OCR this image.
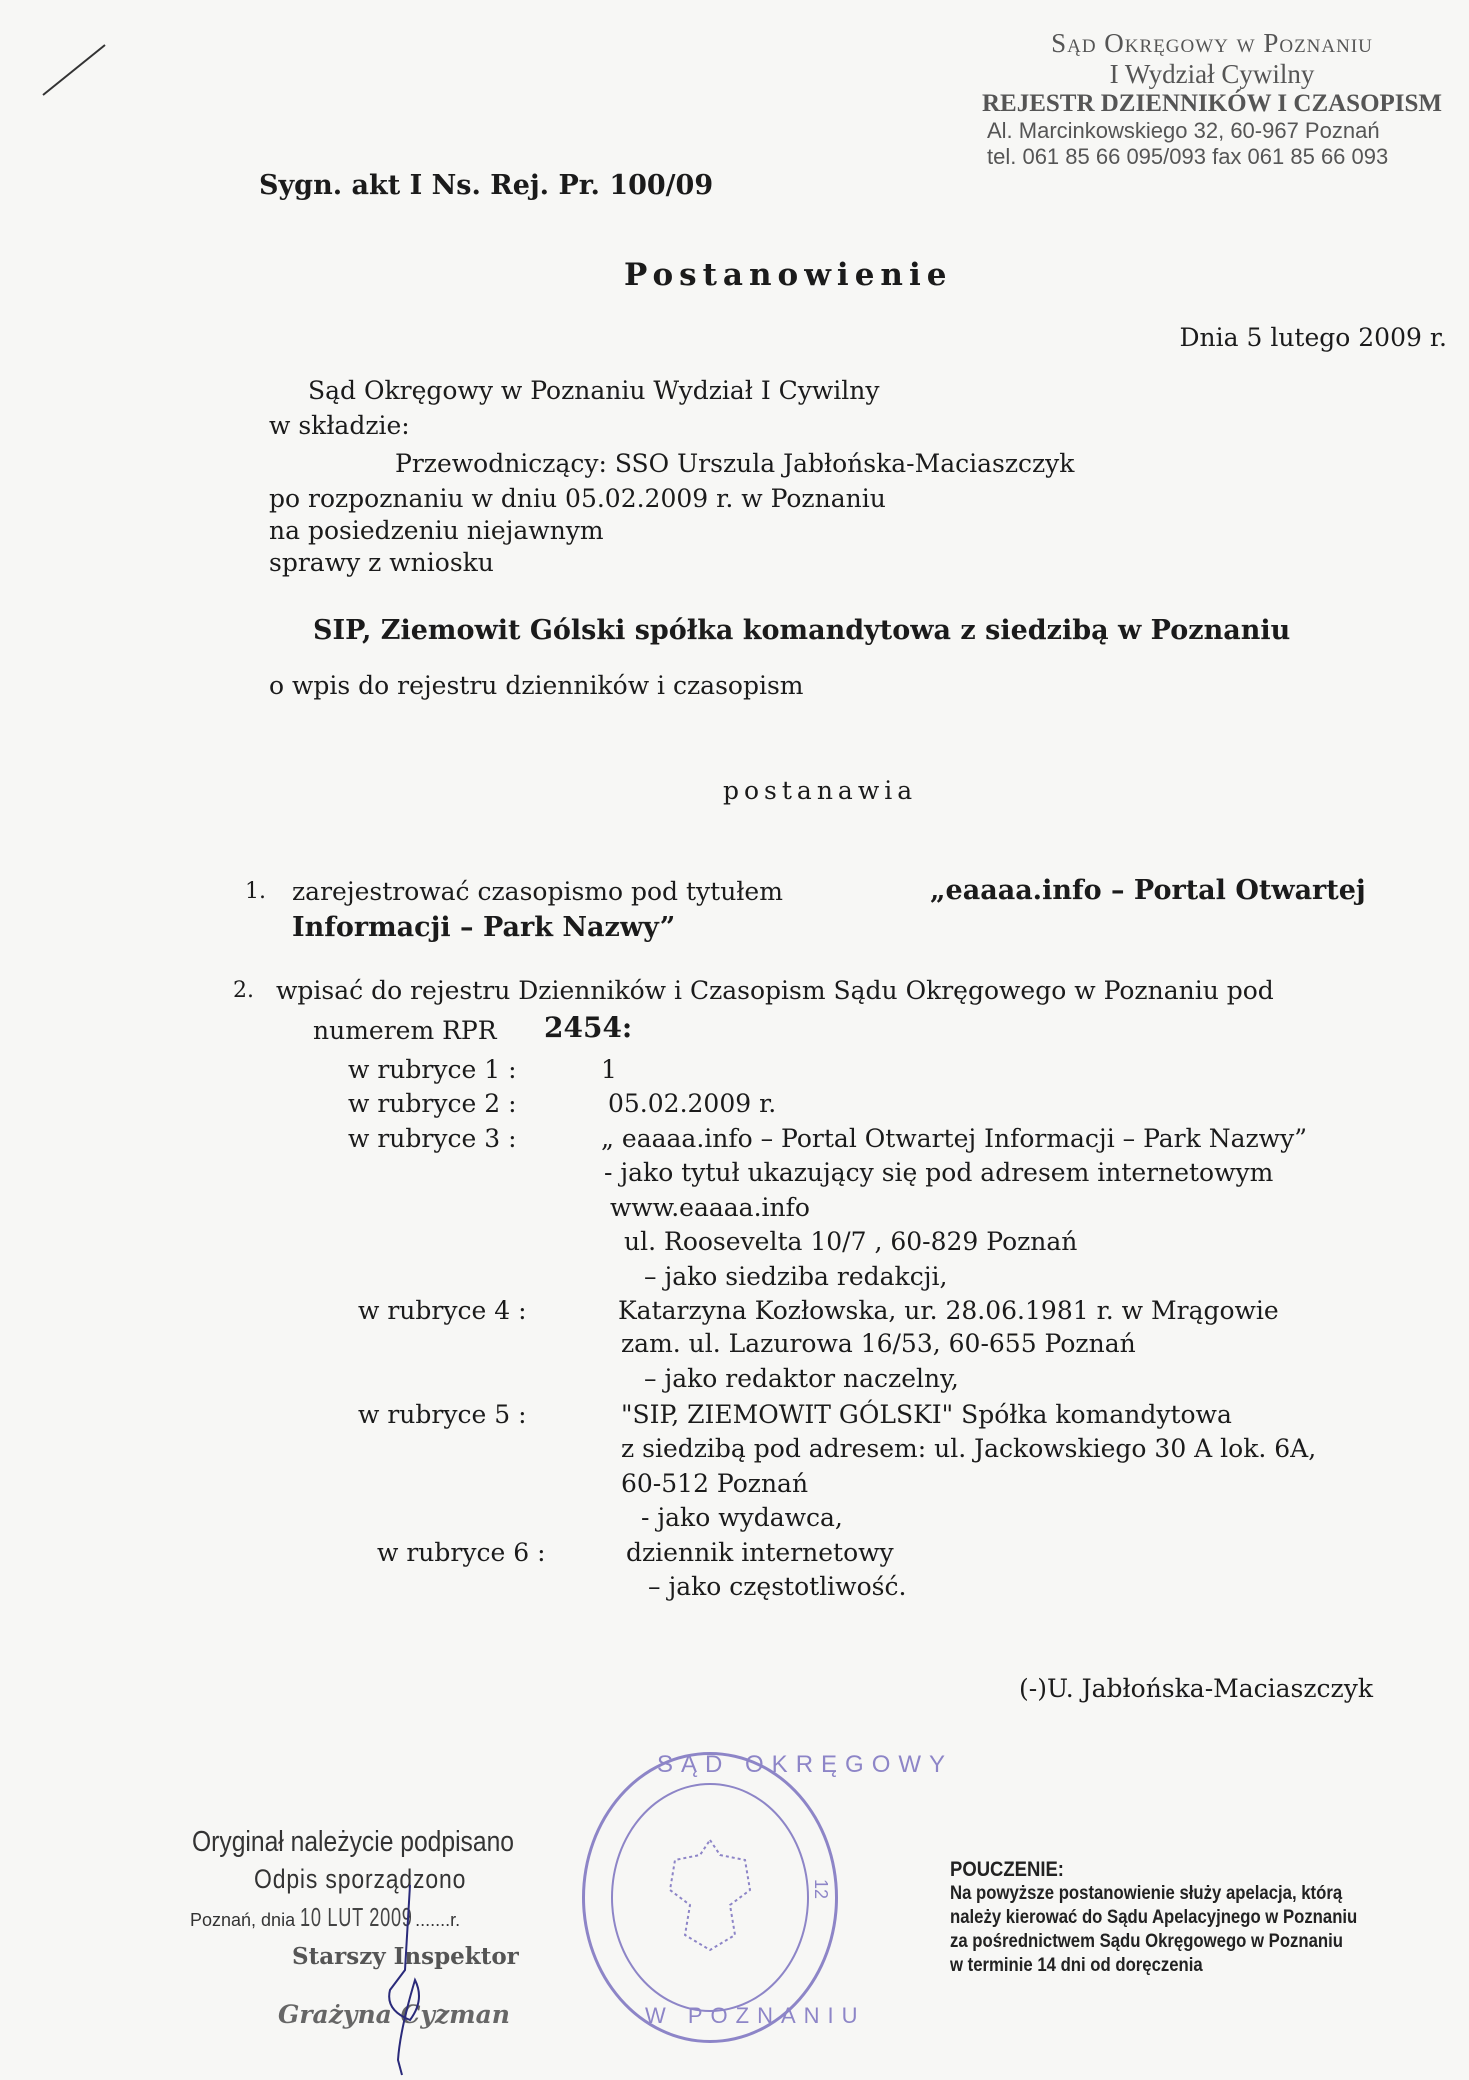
Sąd Okręgowy w Poznaniu
I Wydział Cywilny
REJESTR DZIENNIKÓW I CZASOPISM
Al. Marcinkowskiego 32, 60-967 Poznań
tel. 061 85 66 095/093 fax 061 85 66 093
Sygn. akt I Ns. Rej. Pr. 100/09
Postanowienie
Dnia 5 lutego 2009 r.
Sąd Okręgowy w Poznaniu Wydział I Cywilny
w składzie:
Przewodniczący: SSO Urszula Jabłońska-Maciaszczyk
po rozpoznaniu w dniu 05.02.2009 r. w Poznaniu
na posiedzeniu niejawnym
sprawy z wniosku
SIP, Ziemowit Gólski spółka komandytowa z siedzibą w Poznaniu
o wpis do rejestru dzienników i czasopism
postanawia
1. zarejestrować czasopismo pod tytułem	„eaaaa.info – Portal Otwartej
Informacji – Park Nazwy”
2. wpisać do rejestru Dzienników i Czasopism Sądu Okręgowego w Poznaniu pod
numerem RPR 2454:
w rubryce 1 :	1
w rubryce 2 :	05.02.2009 r.
w rubryce 3 :	„ eaaaa.info – Portal Otwartej Informacji – Park Nazwy”
- jako tytuł ukazujący się pod adresem internetowym
www.eaaaa.info
ul. Roosevelta 10/7 , 60-829 Poznań
– jako siedziba redakcji,
w rubryce 4 :	Katarzyna Kozłowska, ur. 28.06.1981 r. w Mrągowie
zam. ul. Lazurowa 16/53, 60-655 Poznań
– jako redaktor naczelny,
w rubryce 5 :	"SIP, ZIEMOWIT GÓLSKI" Spółka komandytowa
z siedzibą pod adresem: ul. Jackowskiego 30 A lok. 6A,
60-512 Poznań
- jako wydawca,
w rubryce 6 :	dziennik internetowy
– jako częstotliwość.
(-)U. Jabłońska-Maciaszczyk
Oryginał należycie podpisano
Odpis sporządzono
Poznań, dnia 10 LUT 2009 .......r.
Starszy Inspektor
Grażyna Cyzman
SĄD OKRĘGOWY
W POZNANIU
12
POUCZENIE:
Na powyższe postanowienie służy apelacja, którą
należy kierować do Sądu Apelacyjnego w Poznaniu
za pośrednictwem Sądu Okręgowego w Poznaniu
w terminie 14 dni od doręczenia
